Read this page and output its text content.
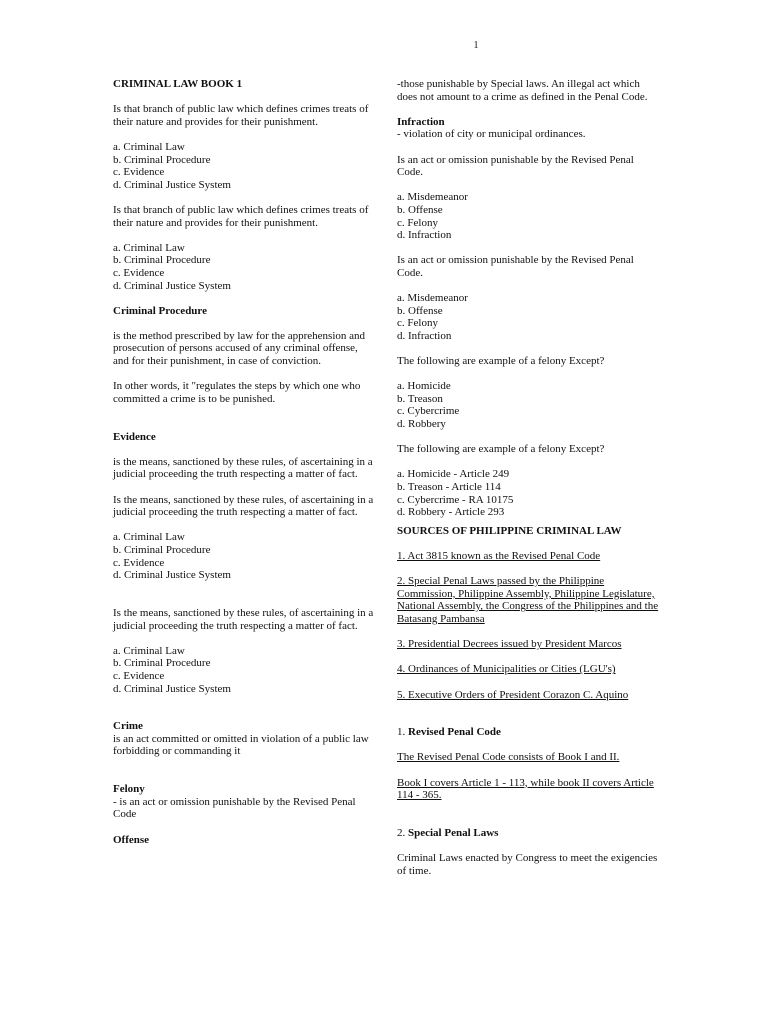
1

CRIMINAL LAW BOOK 1

Is that branch of public law which defines crimes treats of their nature and provides for their punishment.

a. Criminal Law
b. Criminal Procedure
c. Evidence
d. Criminal Justice System

Is that branch of public law which defines crimes treats of their nature and provides for their punishment.

a. Criminal Law
b. Criminal Procedure
c. Evidence
d. Criminal Justice System

Criminal Procedure

is the method prescribed by law for the apprehension and prosecution of persons accused of any criminal offense, and for their punishment, in case of conviction.

In other words, it "regulates the steps by which one who committed a crime is to be punished.

Evidence

is the means, sanctioned by these rules, of ascertaining in a judicial proceeding the truth respecting a matter of fact.

Is the means, sanctioned by these rules, of ascertaining in a judicial proceeding the truth respecting a matter of fact.

a. Criminal Law
b. Criminal Procedure
c. Evidence
d. Criminal Justice System

Is the means, sanctioned by these rules, of ascertaining in a judicial proceeding the truth respecting a matter of fact.

a. Criminal Law
b. Criminal Procedure
c. Evidence
d. Criminal Justice System

Crime

is an act committed or omitted in violation of a public law forbidding or commanding it

Felony

- is an act or omission punishable by the Revised Penal Code

Offense

-those punishable by Special laws. An illegal act which does not amount to a crime as defined in the Penal Code.

Infraction

- violation of city or municipal ordinances.

Is an act or omission punishable by the Revised Penal Code.

a. Misdemeanor
b. Offense
c. Felony
d. Infraction

Is an act or omission punishable by the Revised Penal Code.

a. Misdemeanor
b. Offense
c. Felony
d. Infraction

The following are example of a felony Except?

a. Homicide
b. Treason
c. Cybercrime
d. Robbery

The following are example of a felony Except?

a. Homicide - Article 249
b. Treason - Article 114
c. Cybercrime - RA 10175
d. Robbery - Article 293

SOURCES OF PHILIPPINE CRIMINAL LAW

1. Act 3815 known as the Revised Penal Code

2. Special Penal Laws passed by the Philippine Commission, Philippine Assembly, Philippine Legislature, National Assembly, the Congress of the Philippines and the Batasang Pambansa

3. Presidential Decrees issued by President Marcos

4. Ordinances of Municipalities or Cities (LGU's)

5. Executive Orders of President Corazon C. Aquino

1. Revised Penal Code

The Revised Penal Code consists of Book I and II.

Book I covers Article 1 - 113, while book II covers Article 114 - 365.

2. Special Penal Laws

Criminal Laws enacted by Congress to meet the exigencies of time.
